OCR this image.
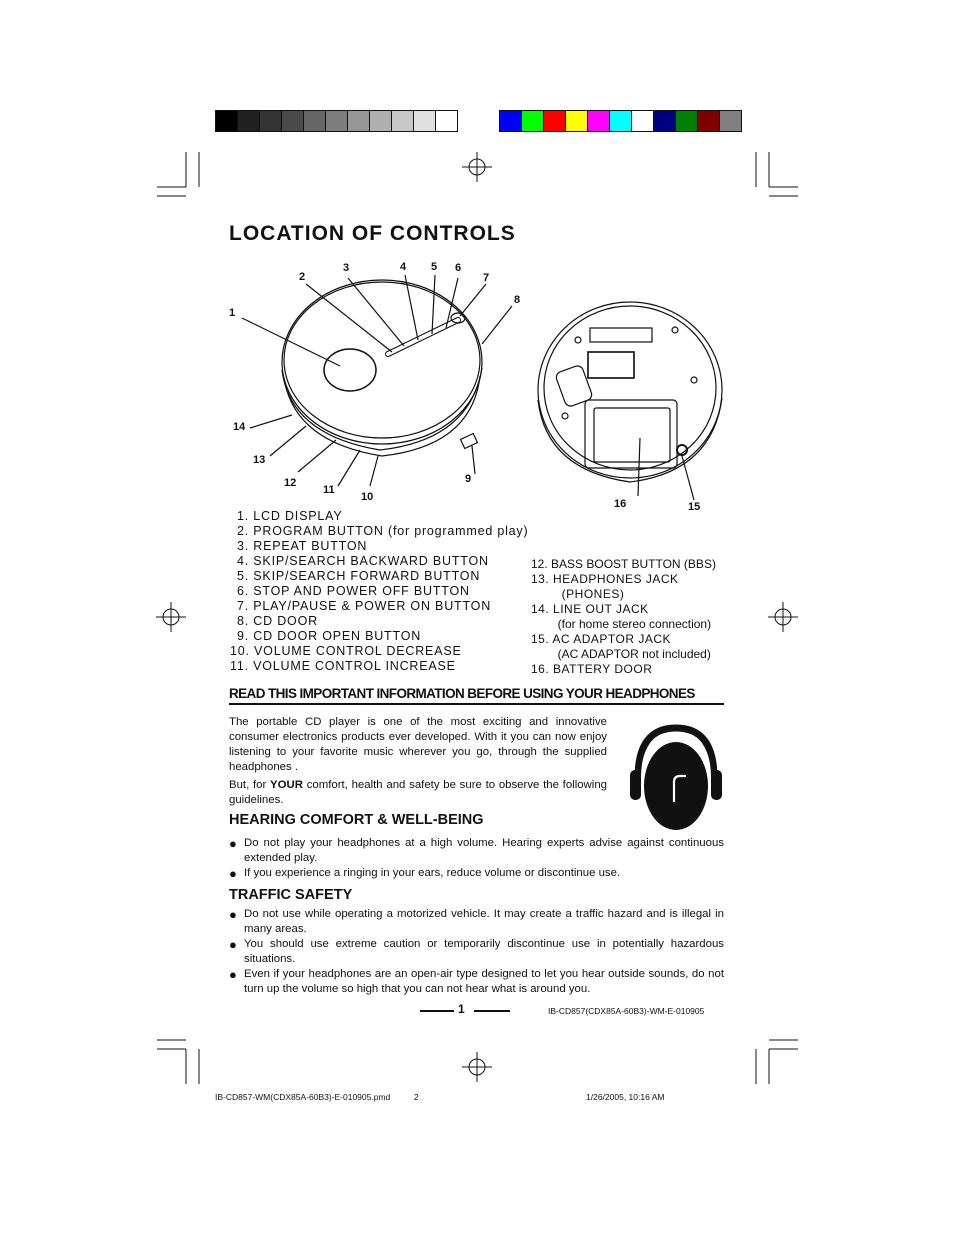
LOCATION OF CONTROLS
1
2
3	4 5 6
7
8
9
10
11
12
13
14
15
16
1. LCD DISPLAY
2. PROGRAM BUTTON (for programmed play)
3. REPEAT BUTTON
4. SKIP/SEARCH BACKWARD BUTTON
5. SKIP/SEARCH FORWARD BUTTON
6. STOP AND POWER OFF BUTTON
7. PLAY/PAUSE & POWER ON BUTTON
8. CD DOOR
9. CD DOOR OPEN BUTTON
10. VOLUME CONTROL DECREASE
11. VOLUME CONTROL INCREASE
12. BASS BOOST BUTTON (BBS)
13. HEADPHONES JACK
(PHONES)
14. LINE OUT JACK
(for home stereo connection)
15. AC ADAPTOR JACK
(AC ADAPTOR not included)
16. BATTERY DOOR
READ THIS IMPORTANT INFORMATION BEFORE USING YOUR HEADPHONES
The portable CD player is one of the most exciting and innovative consumer electronics products ever developed. With it you can now enjoy listening to your favorite music wherever you go, through the supplied headphones .
But, for YOUR comfort, health and safety be sure to observe the following guidelines.
HEARING COMFORT & WELL-BEING
● Do not play your headphones at a high volume. Hearing experts advise against continuous extended play.
● If you experience a ringing in your ears, reduce volume or discontinue use.
TRAFFIC SAFETY
● Do not use while operating a motorized vehicle. It may create a traffic hazard and is illegal in many areas.
● You should use extreme caution or temporarily discontinue use in potentially hazardous situations.
● Even if your headphones are an open-air type designed to let you hear outside sounds, do not turn up the volume so high that you can not hear what is around you.
1	IB-CD857(CDX85A-60B3)-WM-E-010905
IB-CD857-WM(CDX85A-60B3)-E-010905.pmd          2	1/26/2005, 10:16 AM
